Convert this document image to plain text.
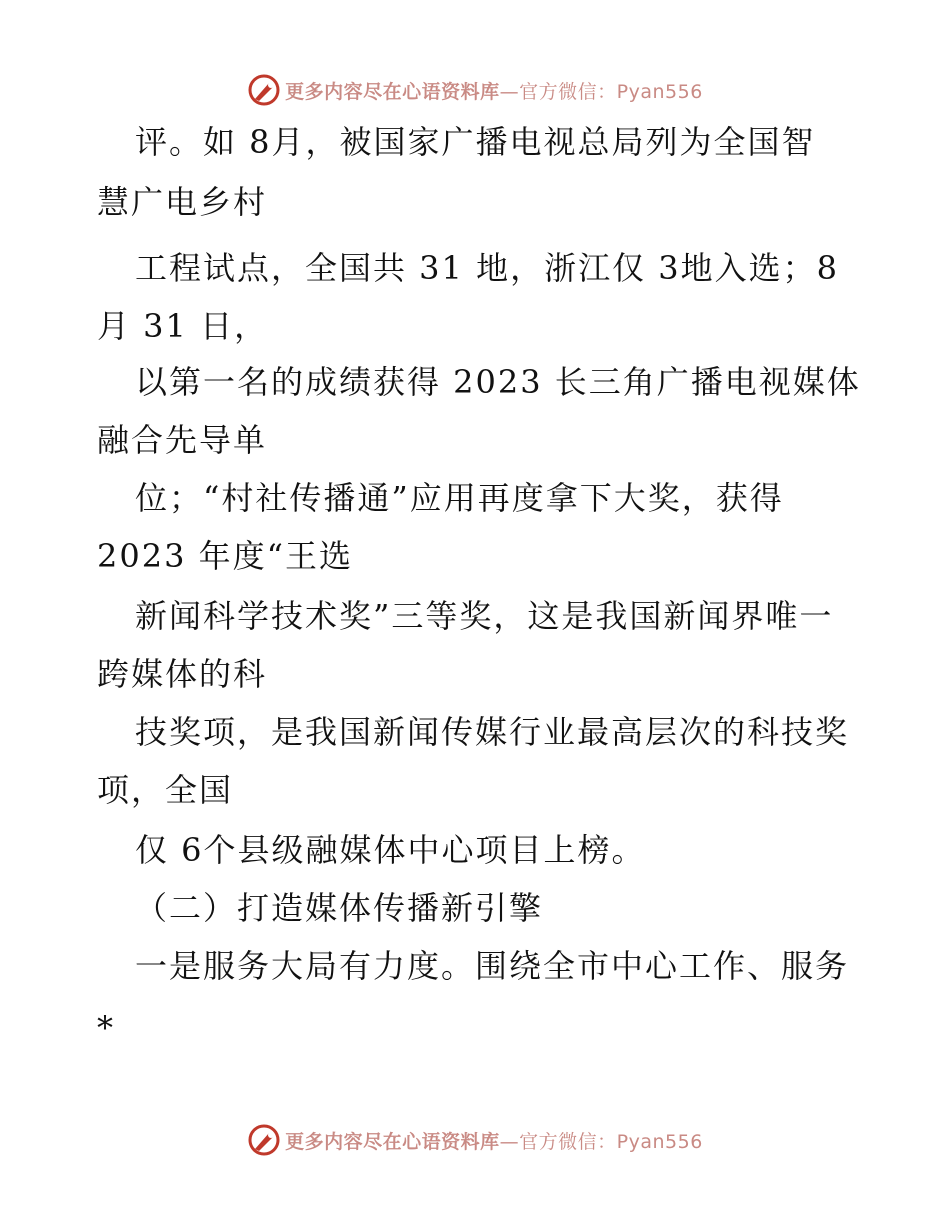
更多内容尽在心语资料库—官方微信：Pyan556
评。如 8月，被国家广播电视总局列为全国智
慧广电乡村
工程试点，全国共 31 地，浙江仅 3地入选；8
月 31 日，
以第一名的成绩获得 2023 长三角广播电视媒体
融合先导单
位；“村社传播通”应用再度拿下大奖，获得
2023 年度“王选
新闻科学技术奖”三等奖，这是我国新闻界唯一
跨媒体的科
技奖项，是我国新闻传媒行业最高层次的科技奖
项，全国
仅 6个县级融媒体中心项目上榜。
（二）打造媒体传播新引擎
一是服务大局有力度。围绕全市中心工作、服务
*
更多内容尽在心语资料库—官方微信：Pyan556
